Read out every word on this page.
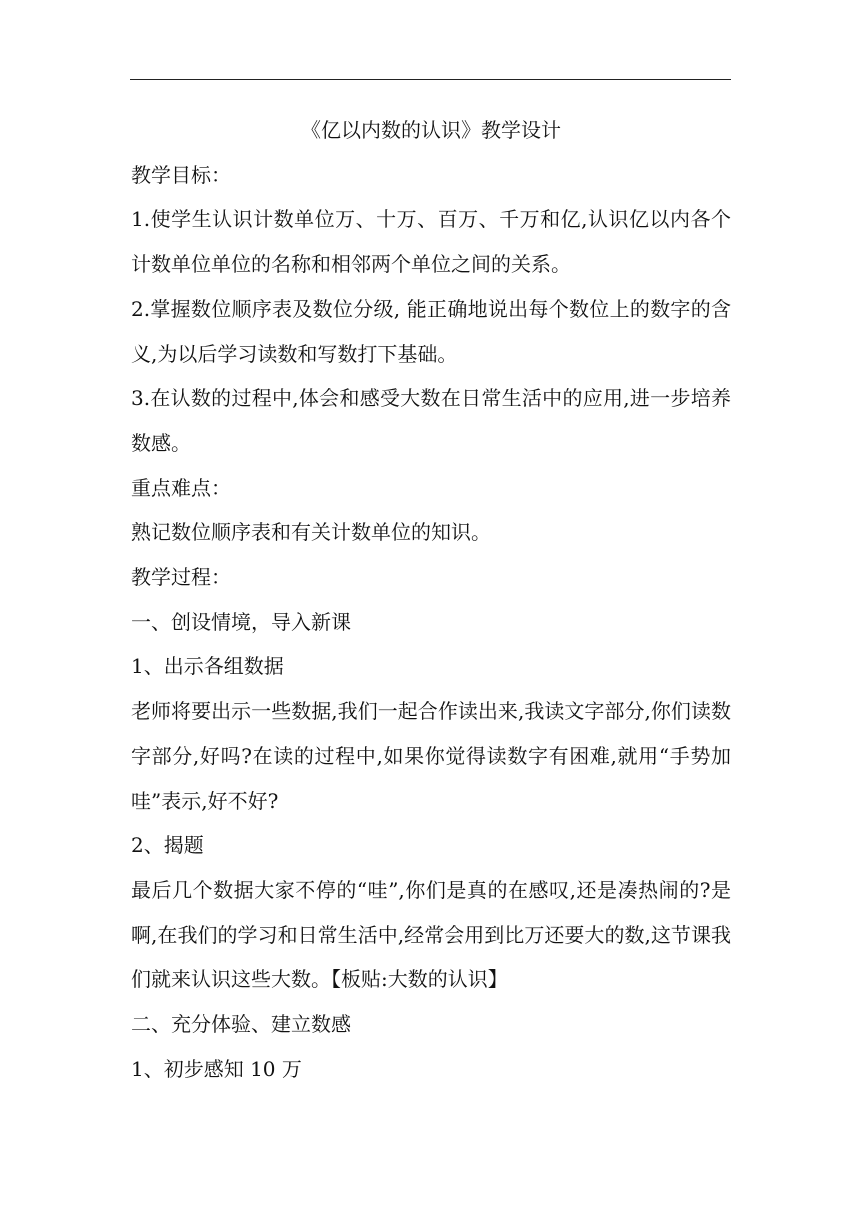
《亿以内数的认识》教学设计

教学目标：

1.使学生认识计数单位万、十万、百万、千万和亿,认识亿以内各个计数单位单位的名称和相邻两个单位之间的关系。

2.掌握数位顺序表及数位分级, 能正确地说出每个数位上的数字的含义,为以后学习读数和写数打下基础。

3.在认数的过程中,体会和感受大数在日常生活中的应用,进一步培养数感。

重点难点：

熟记数位顺序表和有关计数单位的知识。

教学过程：

一、创设情境，导入新课

1、出示各组数据

老师将要出示一些数据,我们一起合作读出来,我读文字部分,你们读数字部分,好吗?在读的过程中,如果你觉得读数字有困难,就用“手势加哇”表示,好不好?

2、揭题

最后几个数据大家不停的“哇”,你们是真的在感叹,还是凑热闹的?是啊,在我们的学习和日常生活中,经常会用到比万还要大的数,这节课我们就来认识这些大数。【板贴:大数的认识】

二、充分体验、建立数感

1、初步感知 10 万
